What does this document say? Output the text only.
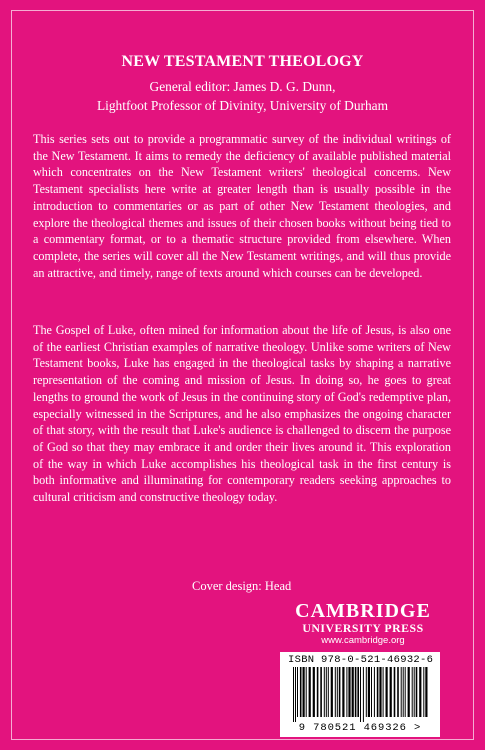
NEW TESTAMENT THEOLOGY
General editor: James D. G. Dunn,
Lightfoot Professor of Divinity, University of Durham

This series sets out to provide a programmatic survey of the individual writings of the New Testament. It aims to remedy the deficiency of available published material which concentrates on the New Testament writers' theological concerns. New Testament specialists here write at greater length than is usually possible in the introduction to commentaries or as part of other New Testament theologies, and explore the theological themes and issues of their chosen books without being tied to a commentary format, or to a thematic structure provided from elsewhere. When complete, the series will cover all the New Testament writings, and will thus provide an attractive, and timely, range of texts around which courses can be developed.

The Gospel of Luke, often mined for information about the life of Jesus, is also one of the earliest Christian examples of narrative theology. Unlike some writers of New Testament books, Luke has engaged in the theological tasks by shaping a narrative representation of the coming and mission of Jesus. In doing so, he goes to great lengths to ground the work of Jesus in the continuing story of God's redemptive plan, especially witnessed in the Scriptures, and he also emphasizes the ongoing character of that story, with the result that Luke's audience is challenged to discern the purpose of God so that they may embrace it and order their lives around it. This exploration of the way in which Luke accomplishes his theological task in the first century is both informative and illuminating for contemporary readers seeking approaches to cultural criticism and constructive theology today.

Cover design: Head
CAMBRIDGE
UNIVERSITY PRESS
www.cambridge.org
ISBN 978-0-521-46932-6
9 780521 469326 >
